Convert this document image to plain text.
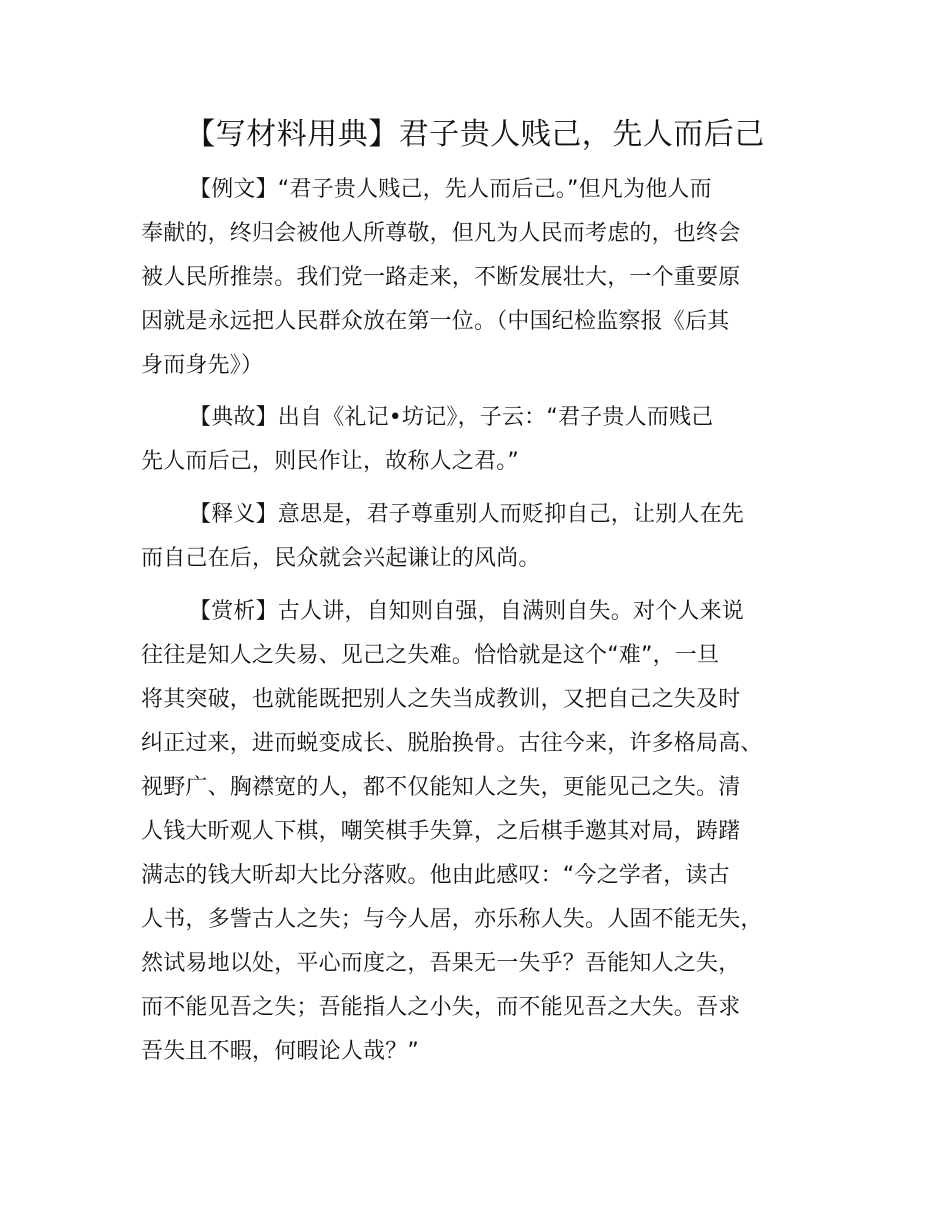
【写材料用典】君子贵人贱己，先人而后己
【例文】“君子贵人贱己，先人而后己。”但凡为他人而
奉献的，终归会被他人所尊敬，但凡为人民而考虑的，也终会
被人民所推崇。我们党一路走来，不断发展壮大，一个重要原
因就是永远把人民群众放在第一位。（中国纪检监察报《后其
身而身先》）
【典故】出自《礼记•坊记》，子云：“君子贵人而贱己
先人而后己，则民作让，故称人之君。”
【释义】意思是，君子尊重别人而贬抑自己，让别人在先
而自己在后，民众就会兴起谦让的风尚。
【赏析】古人讲，自知则自强，自满则自失。对个人来说
往往是知人之失易、见己之失难。恰恰就是这个“难”，一旦
将其突破，也就能既把别人之失当成教训，又把自己之失及时
纠正过来，进而蜕变成长、脱胎换骨。古往今来，许多格局高、
视野广、胸襟宽的人，都不仅能知人之失，更能见己之失。清
人钱大昕观人下棋，嘲笑棋手失算，之后棋手邀其对局，踌躇
满志的钱大昕却大比分落败。他由此感叹：“今之学者，读古
人书，多訾古人之失；与今人居，亦乐称人失。人固不能无失，
然试易地以处，平心而度之，吾果无一失乎？吾能知人之失，
而不能见吾之失；吾能指人之小失，而不能见吾之大失。吾求
吾失且不暇，何暇论人哉？”
